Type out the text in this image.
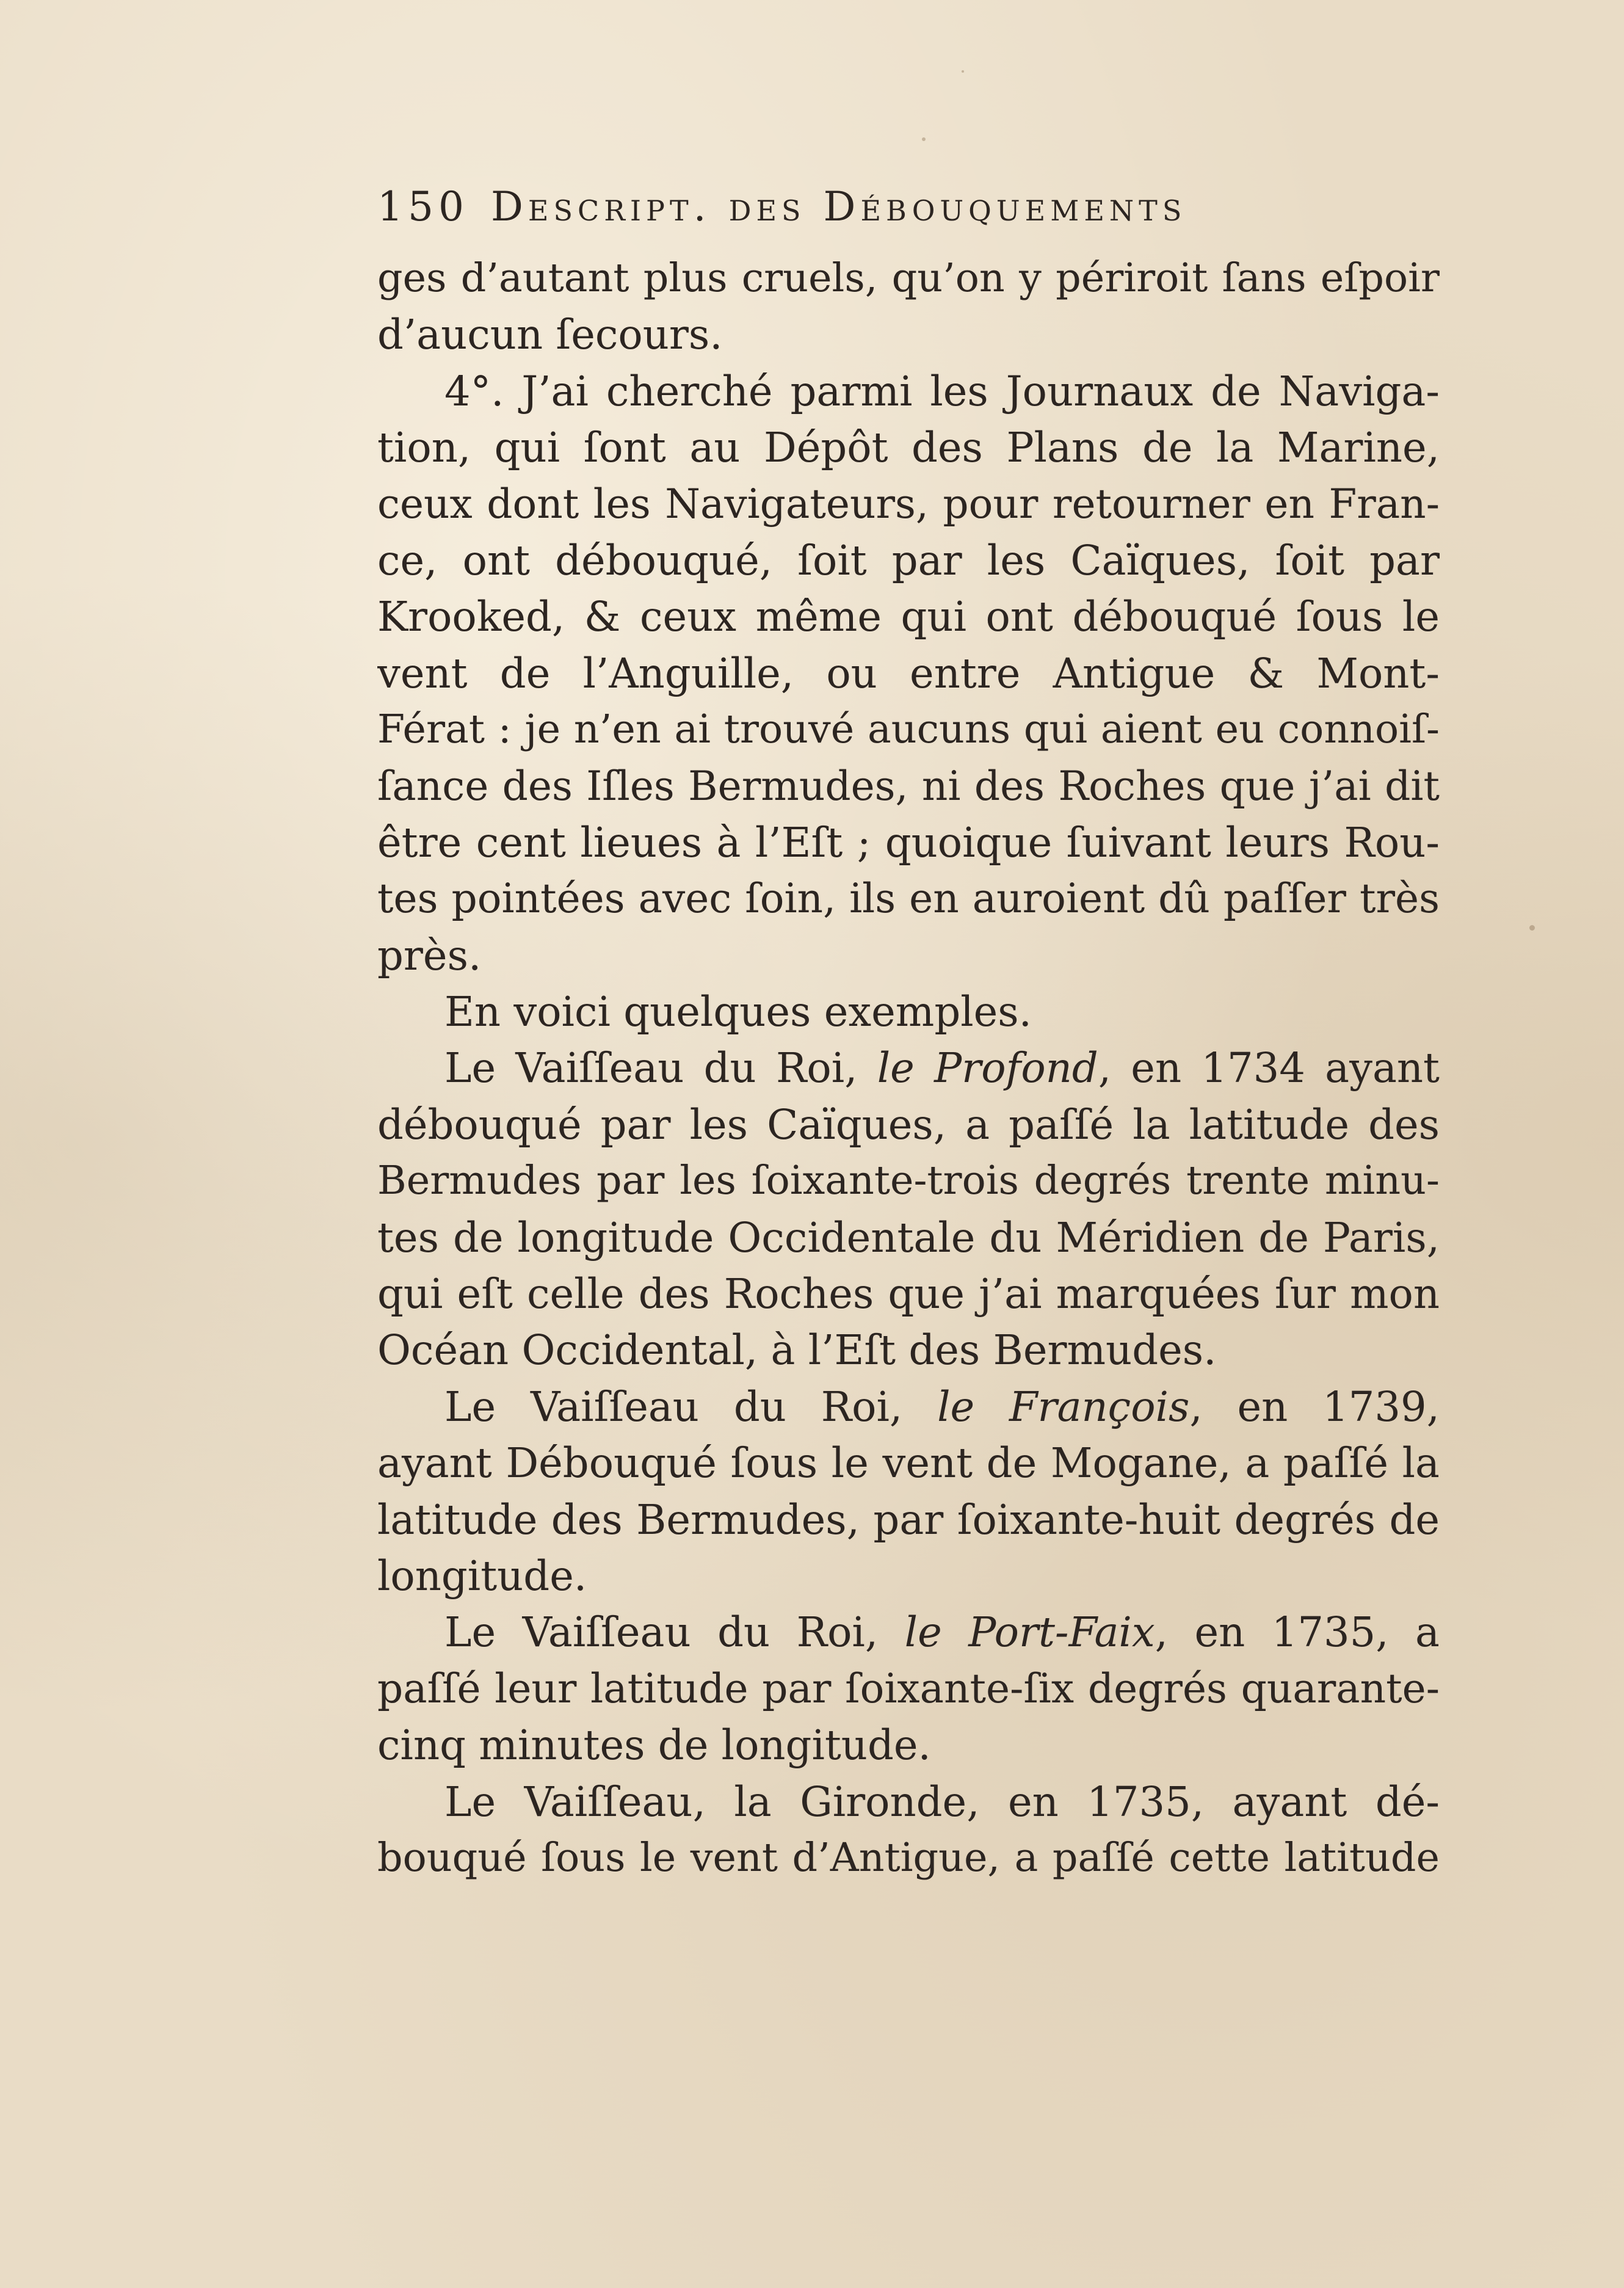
150 Descript. des Débouquements
ges d’autant plus cruels, qu’on y périroit ſans eſpoir
d’aucun ſecours.
4°. J’ai cherché parmi les Journaux de Naviga-
tion, qui ſont au Dépôt des Plans de la Marine,
ceux dont les Navigateurs, pour retourner en Fran-
ce, ont débouqué, ſoit par les Caïques, ſoit par
Krooked, & ceux même qui ont débouqué ſous le
vent de l’Anguille, ou entre Antigue & Mont-
Férat : je n’en ai trouvé aucuns qui aient eu connoiſ-
ſance des Iſles Bermudes, ni des Roches que j’ai dit
être cent lieues à l’Eſt ; quoique ſuivant leurs Rou-
tes pointées avec ſoin, ils en auroient dû paſſer très
près.
En voici quelques exemples.
Le Vaiſſeau du Roi, le Profond, en 1734 ayant
débouqué par les Caïques, a paſſé la latitude des
Bermudes par les ſoixante-trois degrés trente minu-
tes de longitude Occidentale du Méridien de Paris,
qui eſt celle des Roches que j’ai marquées ſur mon
Océan Occidental, à l’Eſt des Bermudes.
Le Vaiſſeau du Roi, le François, en 1739,
ayant Débouqué ſous le vent de Mogane, a paſſé la
latitude des Bermudes, par ſoixante-huit degrés de
longitude.
Le Vaiſſeau du Roi, le Port-Faix, en 1735, a
paſſé leur latitude par ſoixante-ſix degrés quarante-
cinq minutes de longitude.
Le Vaiſſeau, la Gironde, en 1735, ayant dé-
bouqué ſous le vent d’Antigue, a paſſé cette latitude
